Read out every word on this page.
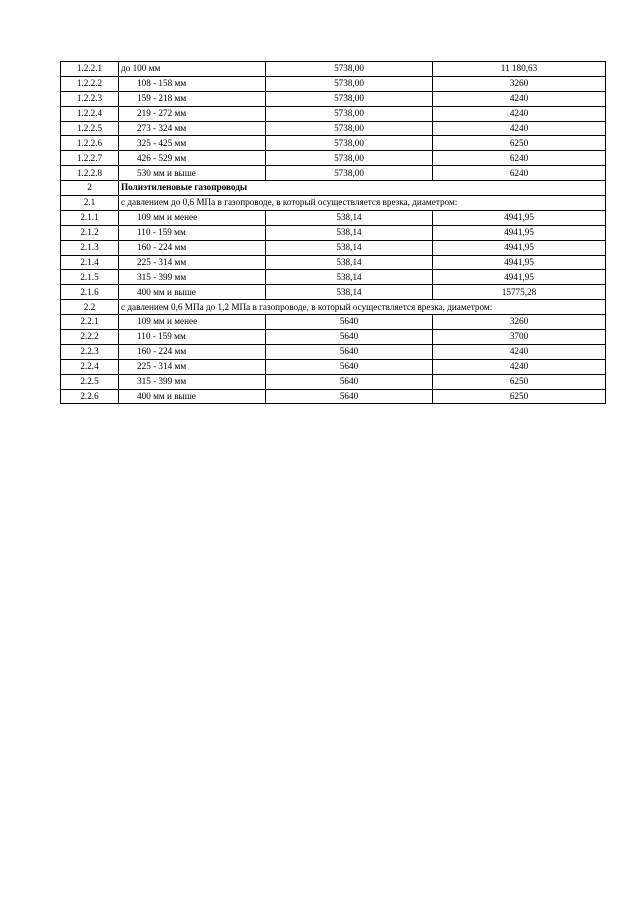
1.2.2.1	до 100 мм	5738,00	11 180,63
1.2.2.2	108 - 158 мм	5738,00	3260
1.2.2.3	159 - 218 мм	5738,00	4240
1.2.2.4	219 - 272 мм	5738,00	4240
1.2.2.5	273 - 324 мм	5738,00	4240
1.2.2.6	325 - 425 мм	5738,00	6250
1.2.2.7	426 - 529 мм	5738,00	6240
1.2.2.8	530 мм и выше	5738,00	6240
2	Полиэтиленовые газопроводы		
2.1	с давлением до 0,6 МПа в газопроводе, в который осуществляется врезка, диаметром:		
2.1.1	109 мм и менее	538,14	4941,95
2.1.2	110 - 159 мм	538,14	4941,95
2.1.3	160 - 224 мм	538,14	4941,95
2.1.4	225 - 314 мм	538,14	4941,95
2.1.5	315 - 399 мм	538,14	4941,95
2.1.6	400 мм и выше	538,14	15775,28
2.2	с давлением 0,6 МПа до 1,2 МПа в газопроводе, в который осуществляется врезка, диаметром:		
2.2.1	109 мм и менее	5640	3260
2.2.2	110 - 159 мм	5640	3700
2.2.3	160 - 224 мм	5640	4240
2.2.4	225 - 314 мм	5640	4240
2.2.5	315 - 399 мм	5640	6250
2.2.6	400 мм и выше	5640	6250
